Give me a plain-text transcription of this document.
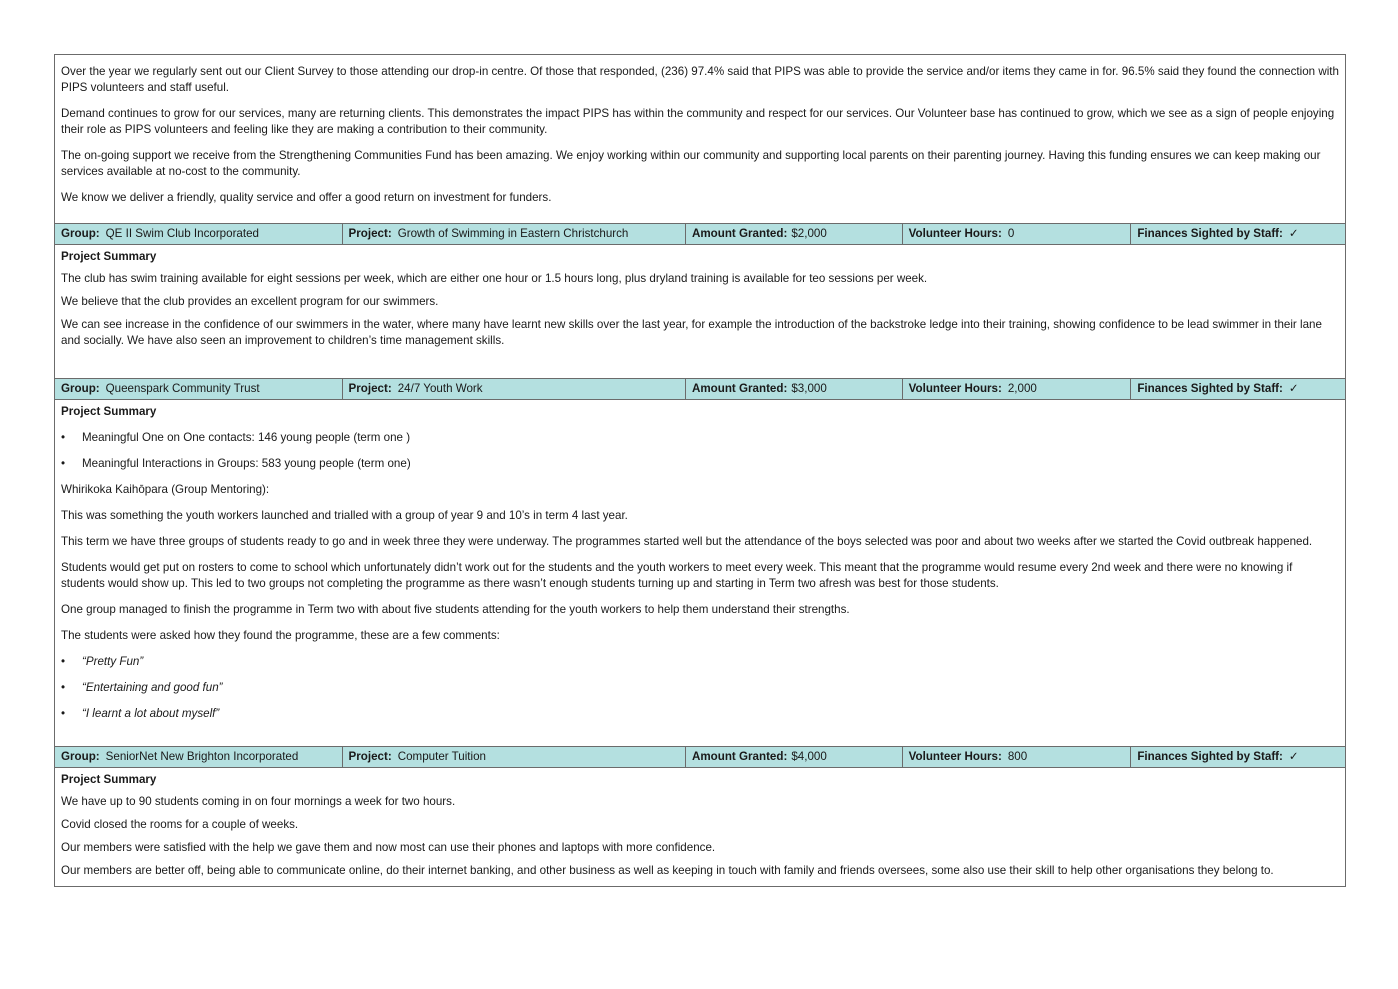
Over the year we regularly sent out our Client Survey to those attending our drop-in centre. Of those that responded, (236) 97.4% said that PIPS was able to provide the service and/or items they came in for. 96.5% said they found the connection with PIPS volunteers and staff useful.

Demand continues to grow for our services, many are returning clients. This demonstrates the impact PIPS has within the community and respect for our services. Our Volunteer base has continued to grow, which we see as a sign of people enjoying their role as PIPS volunteers and feeling like they are making a contribution to their community.

The on-going support we receive from the Strengthening Communities Fund has been amazing. We enjoy working within our community and supporting local parents on their parenting journey. Having this funding ensures we can keep making our services available at no-cost to the community.

We know we deliver a friendly, quality service and offer a good return on investment for funders.

Group: QE II Swim Club Incorporated	Project: Growth of Swimming in Eastern Christchurch	Amount Granted: $2,000	Volunteer Hours: 0	Finances Sighted by Staff: ✓

Project Summary

The club has swim training available for eight sessions per week, which are either one hour or 1.5 hours long, plus dryland training is available for teo sessions per week.

We believe that the club provides an excellent program for our swimmers.

We can see increase in the confidence of our swimmers in the water, where many have learnt new skills over the last year, for example the introduction of the backstroke ledge into their training, showing confidence to be lead swimmer in their lane and socially. We have also seen an improvement to children’s time management skills.

Group: Queenspark Community Trust	Project: 24/7 Youth Work	Amount Granted: $3,000	Volunteer Hours: 2,000	Finances Sighted by Staff: ✓

Project Summary

•	Meaningful One on One contacts: 146 young people (term one )
•	Meaningful Interactions in Groups: 583 young people (term one)

Whirikoka Kaihōpara (Group Mentoring):

This was something the youth workers launched and trialled with a group of year 9 and 10’s in term 4 last year.

This term we have three groups of students ready to go and in week three they were underway. The programmes started well but the attendance of the boys selected was poor and about two weeks after we started the Covid outbreak happened.

Students would get put on rosters to come to school which unfortunately didn’t work out for the students and the youth workers to meet every week. This meant that the programme would resume every 2nd week and there were no knowing if students would show up. This led to two groups not completing the programme as there wasn’t enough students turning up and starting in Term two afresh was best for those students.

One group managed to finish the programme in Term two with about five students attending for the youth workers to help them understand their strengths.

The students were asked how they found the programme, these are a few comments:

•	“Pretty Fun”
•	“Entertaining and good fun”
•	“I learnt a lot about myself”
Group: SeniorNet New Brighton Incorporated	Project: Computer Tuition	Amount Granted: $4,000	Volunteer Hours: 800	Finances Sighted by Staff: ✓

Project Summary

We have up to 90 students coming in on four mornings a week for two hours.

Covid closed the rooms for a couple of weeks.

Our members were satisfied with the help we gave them and now most can use their phones and laptops with more confidence.

Our members are better off, being able to communicate online, do their internet banking, and other business as well as keeping in touch with family and friends oversees, some also use their skill to help other organisations they belong to.
